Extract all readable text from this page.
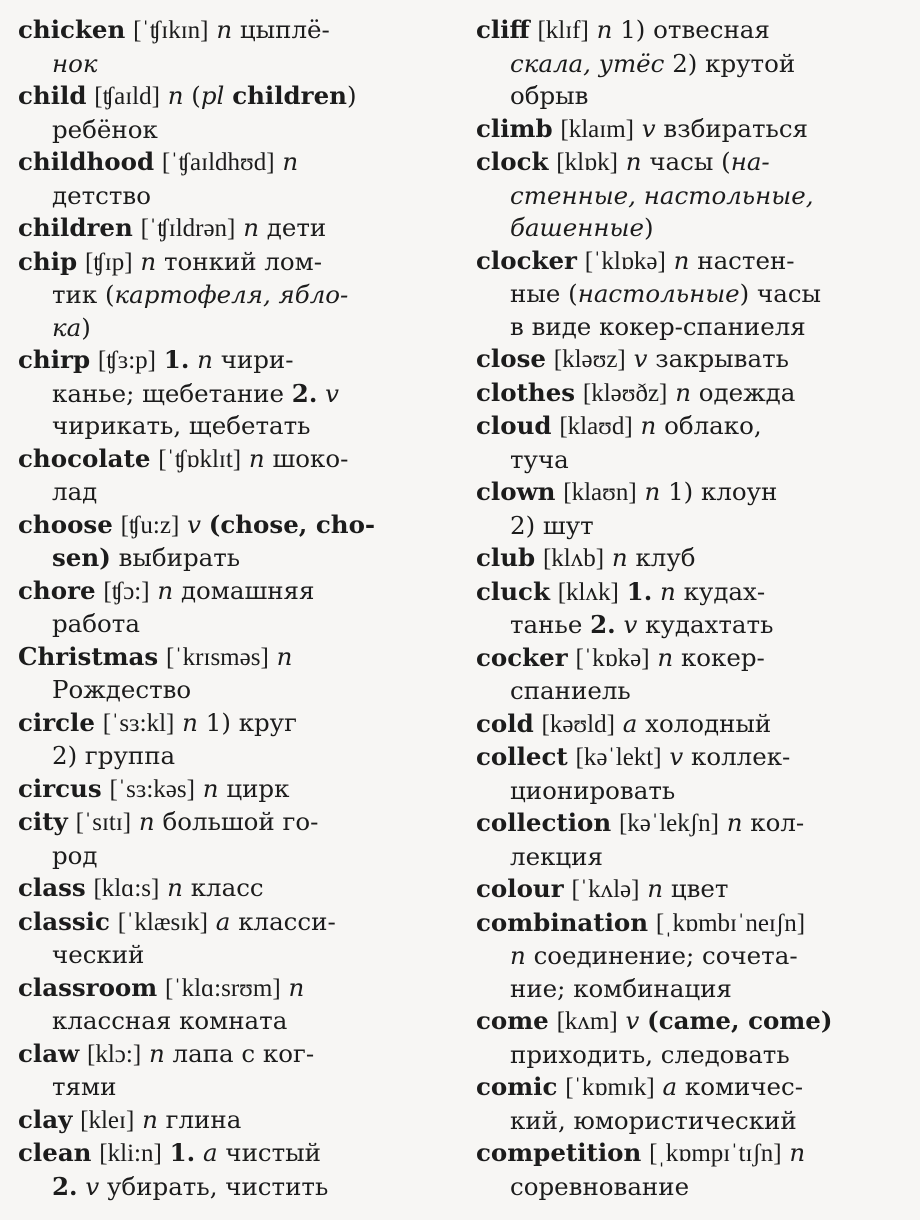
chicken [ˈʧɪkɪn] n цыплё-
нок
child [ʧaɪld] n (pl children)
ребёнок
childhood [ˈʧaɪldhʊd] n
детство
children [ˈʧɪldrən] n дети
chip [ʧɪp] n тонкий лом-
тик (картофеля, ябло-
ка)
chirp [ʧɜ:p] 1. n чири-
канье; щебетание 2. v
чирикать, щебетать
chocolate [ˈʧɒklɪt] n шоко-
лад
choose [ʧu:z] v (chose, cho-
sen) выбирать
chore [ʧɔ:] n домашняя
работа
Christmas [ˈkrɪsməs] n
Рождество
circle [ˈsɜ:kl] n 1) круг
2) группа
circus [ˈsɜ:kəs] n цирк
city [ˈsɪtɪ] n большой го-
род
class [klɑ:s] n класс
classic [ˈklæsɪk] a класси-
ческий
classroom [ˈklɑ:srʊm] n
классная комната
claw [klɔ:] n лапа с ког-
тями
clay [kleɪ] n глина
clean [kli:n] 1. a чистый
2. v убирать, чистить
cliff [klɪf] n 1) отвесная
скала, утёс 2) крутой
обрыв
climb [klaɪm] v взбираться
clock [klɒk] n часы (на-
стенные, настольные,
башенные)
clocker [ˈklɒkə] n настен-
ные (настольные) часы
в виде кокер-спаниеля
close [kləʊz] v закрывать
clothes [kləʊðz] n одежда
cloud [klaʊd] n облако,
туча
clown [klaʊn] n 1) клоун
2) шут
club [klʌb] n клуб
cluck [klʌk] 1. n кудах-
танье 2. v кудахтать
cocker [ˈkɒkə] n кокер-
спаниель
cold [kəʊld] a холодный
collect [kəˈlekt] v коллек-
ционировать
collection [kəˈlekʃn] n кол-
лекция
colour [ˈkʌlə] n цвет
combination [ˌkɒmbɪˈneɪʃn]
n соединение; сочета-
ние; комбинация
come [kʌm] v (came, come)
приходить, следовать
comic [ˈkɒmɪk] a комичес-
кий, юмористический
competition [ˌkɒmpɪˈtɪʃn] n
соревнование
